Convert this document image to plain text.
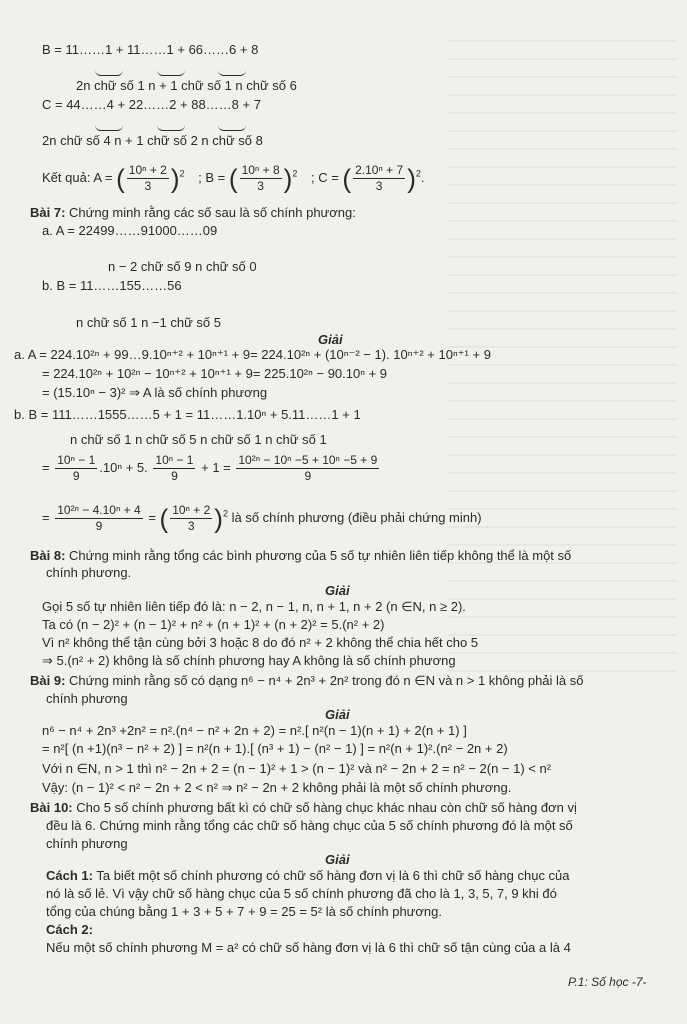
B = 11……1 + 11……1 + 66……6 + 8

2n chữ số 1 n + 1 chữ số 1 n chữ số 6
C = 44……4 + 22……2 + 88……8 + 7

2n chữ số 4 n + 1 chữ số 2 n chữ số 8
Kết quả: A = ( $\frac{\text{10ⁿ + 2}}{3} )^2$ ; B = ( $\frac{\text{10ⁿ + 8}}{3} )^2$ ; C = ( $\frac{\text{2.10ⁿ + 7}}{3} )^2$.
Bài 7: Chứng minh rằng các số sau là số chính phương:
a. A = 22499……91000……09
n − 2 chữ số 9 n chữ số 0
b. B = 11……155……56
n chữ số 1 n −1 chữ số 5
Giải
a. A = 224.10²ⁿ + 99…9.10ⁿ⁺² + 10ⁿ⁺¹ + 9= 224.10²ⁿ + (10ⁿ⁻² − 1). 10ⁿ⁺² + 10ⁿ⁺¹ + 9
= 224.10²ⁿ + 10²ⁿ − 10ⁿ⁺² + 10ⁿ⁺¹ + 9= 225.10²ⁿ − 90.10ⁿ + 9
= (15.10ⁿ − 3)² ⇒ A là số chính phương
b. B = 111……1555……5 + 1 = 11……1.10ⁿ + 5.11……1 + 1
n chữ số 1 n chữ số 5 n chữ số 1 n chữ số 1
= $\frac{\text{10ⁿ − 1}}{9} .10^n + 5$. $\frac{\text{10ⁿ − 1}}{9} + 1 = \frac{\text{10²ⁿ − 10ⁿ −5 + 10ⁿ −5 + 9}}{9}$
= $\frac{\text{10²ⁿ − 4.10ⁿ + 4}}{9}$ = ( $\frac{\text{10ⁿ + 2}}{3} )^2$ là số chính phương (điều phải chứng minh)
Bài 8: Chứng minh rằng tổng các bình phương của 5 số tự nhiên liên tiếp không thể là một số
chính phương.
Giải
Gọi 5 số tự nhiên liên tiếp đó là: n − 2, n − 1, n, n + 1, n + 2 (n ∈N, n ≥ 2).
Ta có (n − 2)² + (n − 1)² + n² + (n + 1)² + (n + 2)² = 5.(n² + 2)
Vì n² không thể tận cùng bởi 3 hoặc 8 do đó n² + 2 không thể chia hết cho 5
⇒ 5.(n² + 2) không là số chính phương hay A không là số chính phương
Bài 9: Chứng minh rằng số có dạng n⁶ − n⁴ + 2n³ + 2n² trong đó n ∈N và n > 1 không phải là số
chính phương
Giải
n⁶ − n⁴ + 2n³ +2n² = n².(n⁴ − n² + 2n + 2) = n².[ n²(n − 1)(n + 1) + 2(n + 1) ]
= n²[ (n +1)(n³ − n² + 2) ] = n²(n + 1).[ (n³ + 1) − (n² − 1) ] = n²(n + 1)².(n² − 2n + 2)
Với n ∈N, n > 1 thì n² − 2n + 2 = (n − 1)² + 1 > (n − 1)² và n² − 2n + 2 = n² − 2(n − 1) < n²
Vậy: (n − 1)² < n² − 2n + 2 < n² ⇒ n² − 2n + 2 không phải là một số chính phương.
Bài 10: Cho 5 số chính phương bất kì có chữ số hàng chục khác nhau còn chữ số hàng đơn vị
đều là 6. Chứng minh rằng tổng các chữ số hàng chục của 5 số chính phương đó là một số
chính phương
Giải
Cách 1: Ta biết một số chính phương có chữ số hàng đơn vị là 6 thì chữ số hàng chục của
nó là số lẻ. Vì vậy chữ số hàng chục của 5 số chính phương đã cho là 1, 3, 5, 7, 9 khi đó
tổng của chúng bằng 1 + 3 + 5 + 7 + 9 = 25 = 5² là số chính phương.
Cách 2:
Nếu một số chính phương M = a² có chữ số hàng đơn vị là 6 thì chữ số tận cùng của a là 4
P.1: Số học -7-
